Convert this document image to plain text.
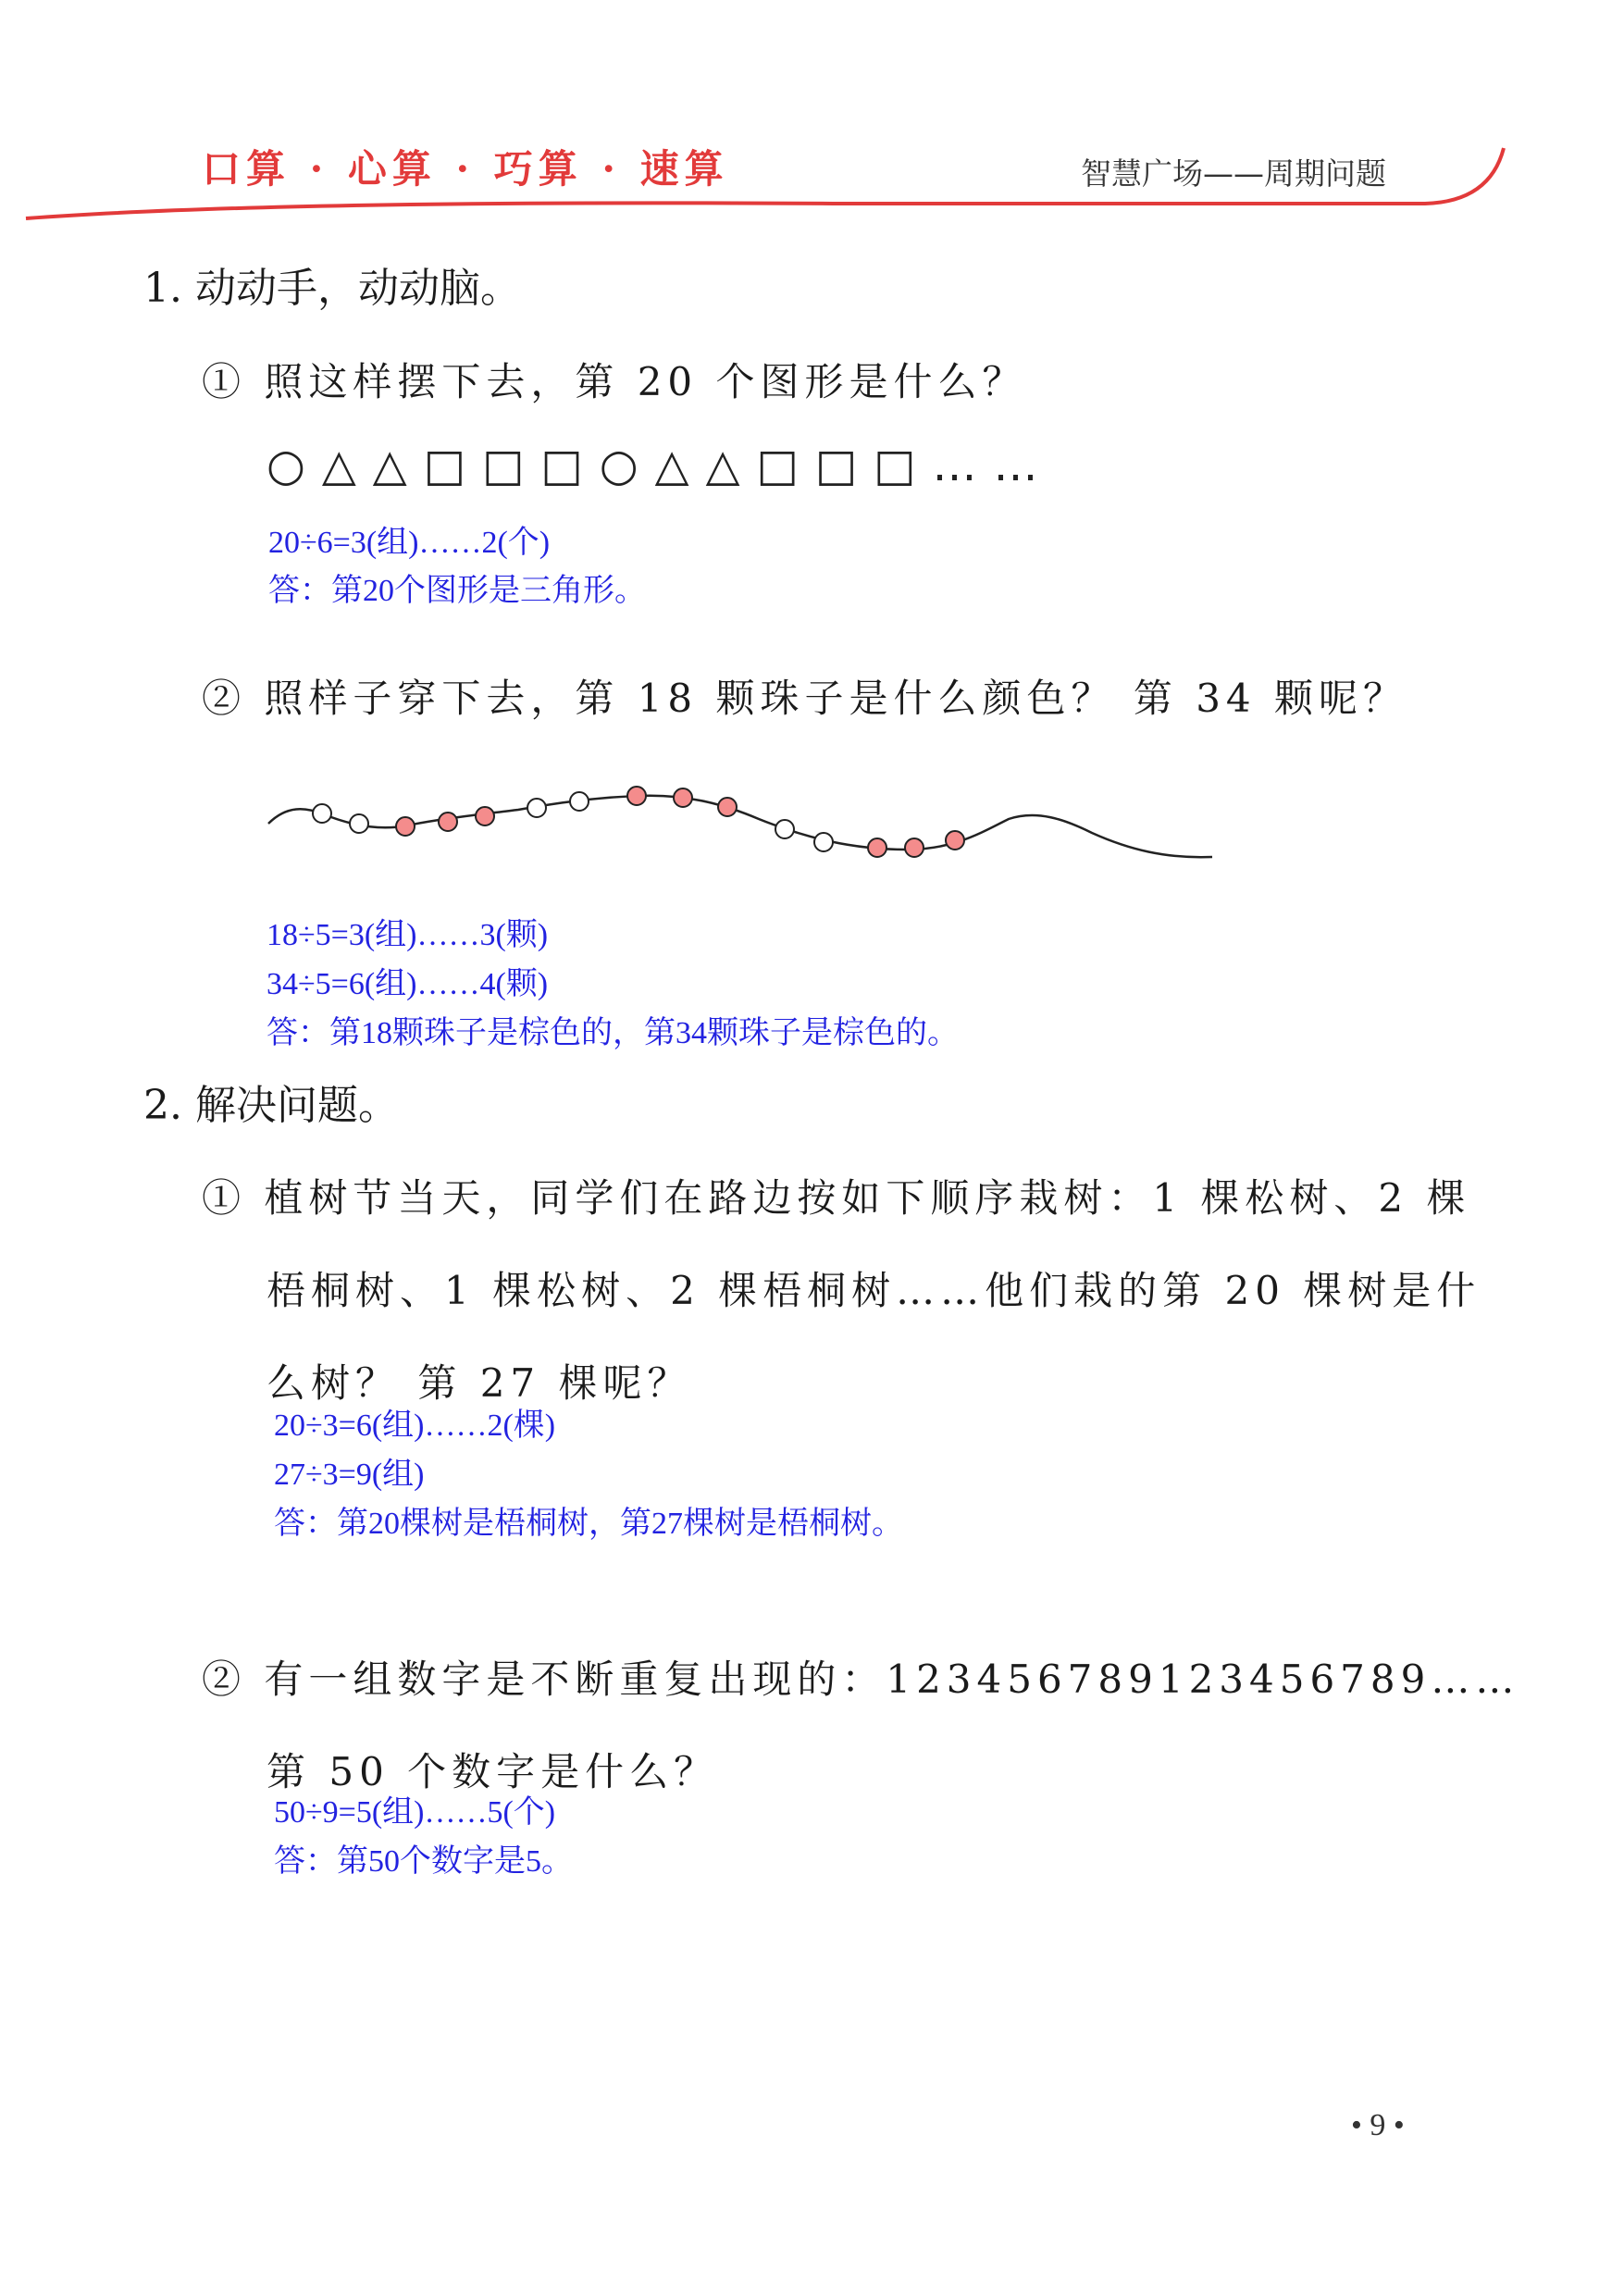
口算 · 心算 · 巧算 · 速算	智慧广场——周期问题
1. 动动手，动动脑。
① 照这样摆下去，第 20 个图形是什么？
○△△□□□○△△□□□……
20÷6=3(组)……2(个)
答：第20个图形是三角形。
② 照样子穿下去，第 18 颗珠子是什么颜色？ 第 34 颗呢？
18÷5=3(组)……3(颗)
34÷5=6(组)……4(颗)
答：第18颗珠子是棕色的，第34颗珠子是棕色的。
2. 解决问题。
① 植树节当天，同学们在路边按如下顺序栽树：1 棵松树、2 棵
梧桐树、1 棵松树、2 棵梧桐树……他们栽的第 20 棵树是什
么树？ 第 27 棵呢？
20÷3=6(组)……2(棵)
27÷3=9(组)
答：第20棵树是梧桐树，第27棵树是梧桐树。
② 有一组数字是不断重复出现的：123456789123456789……
第 50 个数字是什么？
50÷9=5(组)……5(个)
答：第50个数字是5。
• 9 •
